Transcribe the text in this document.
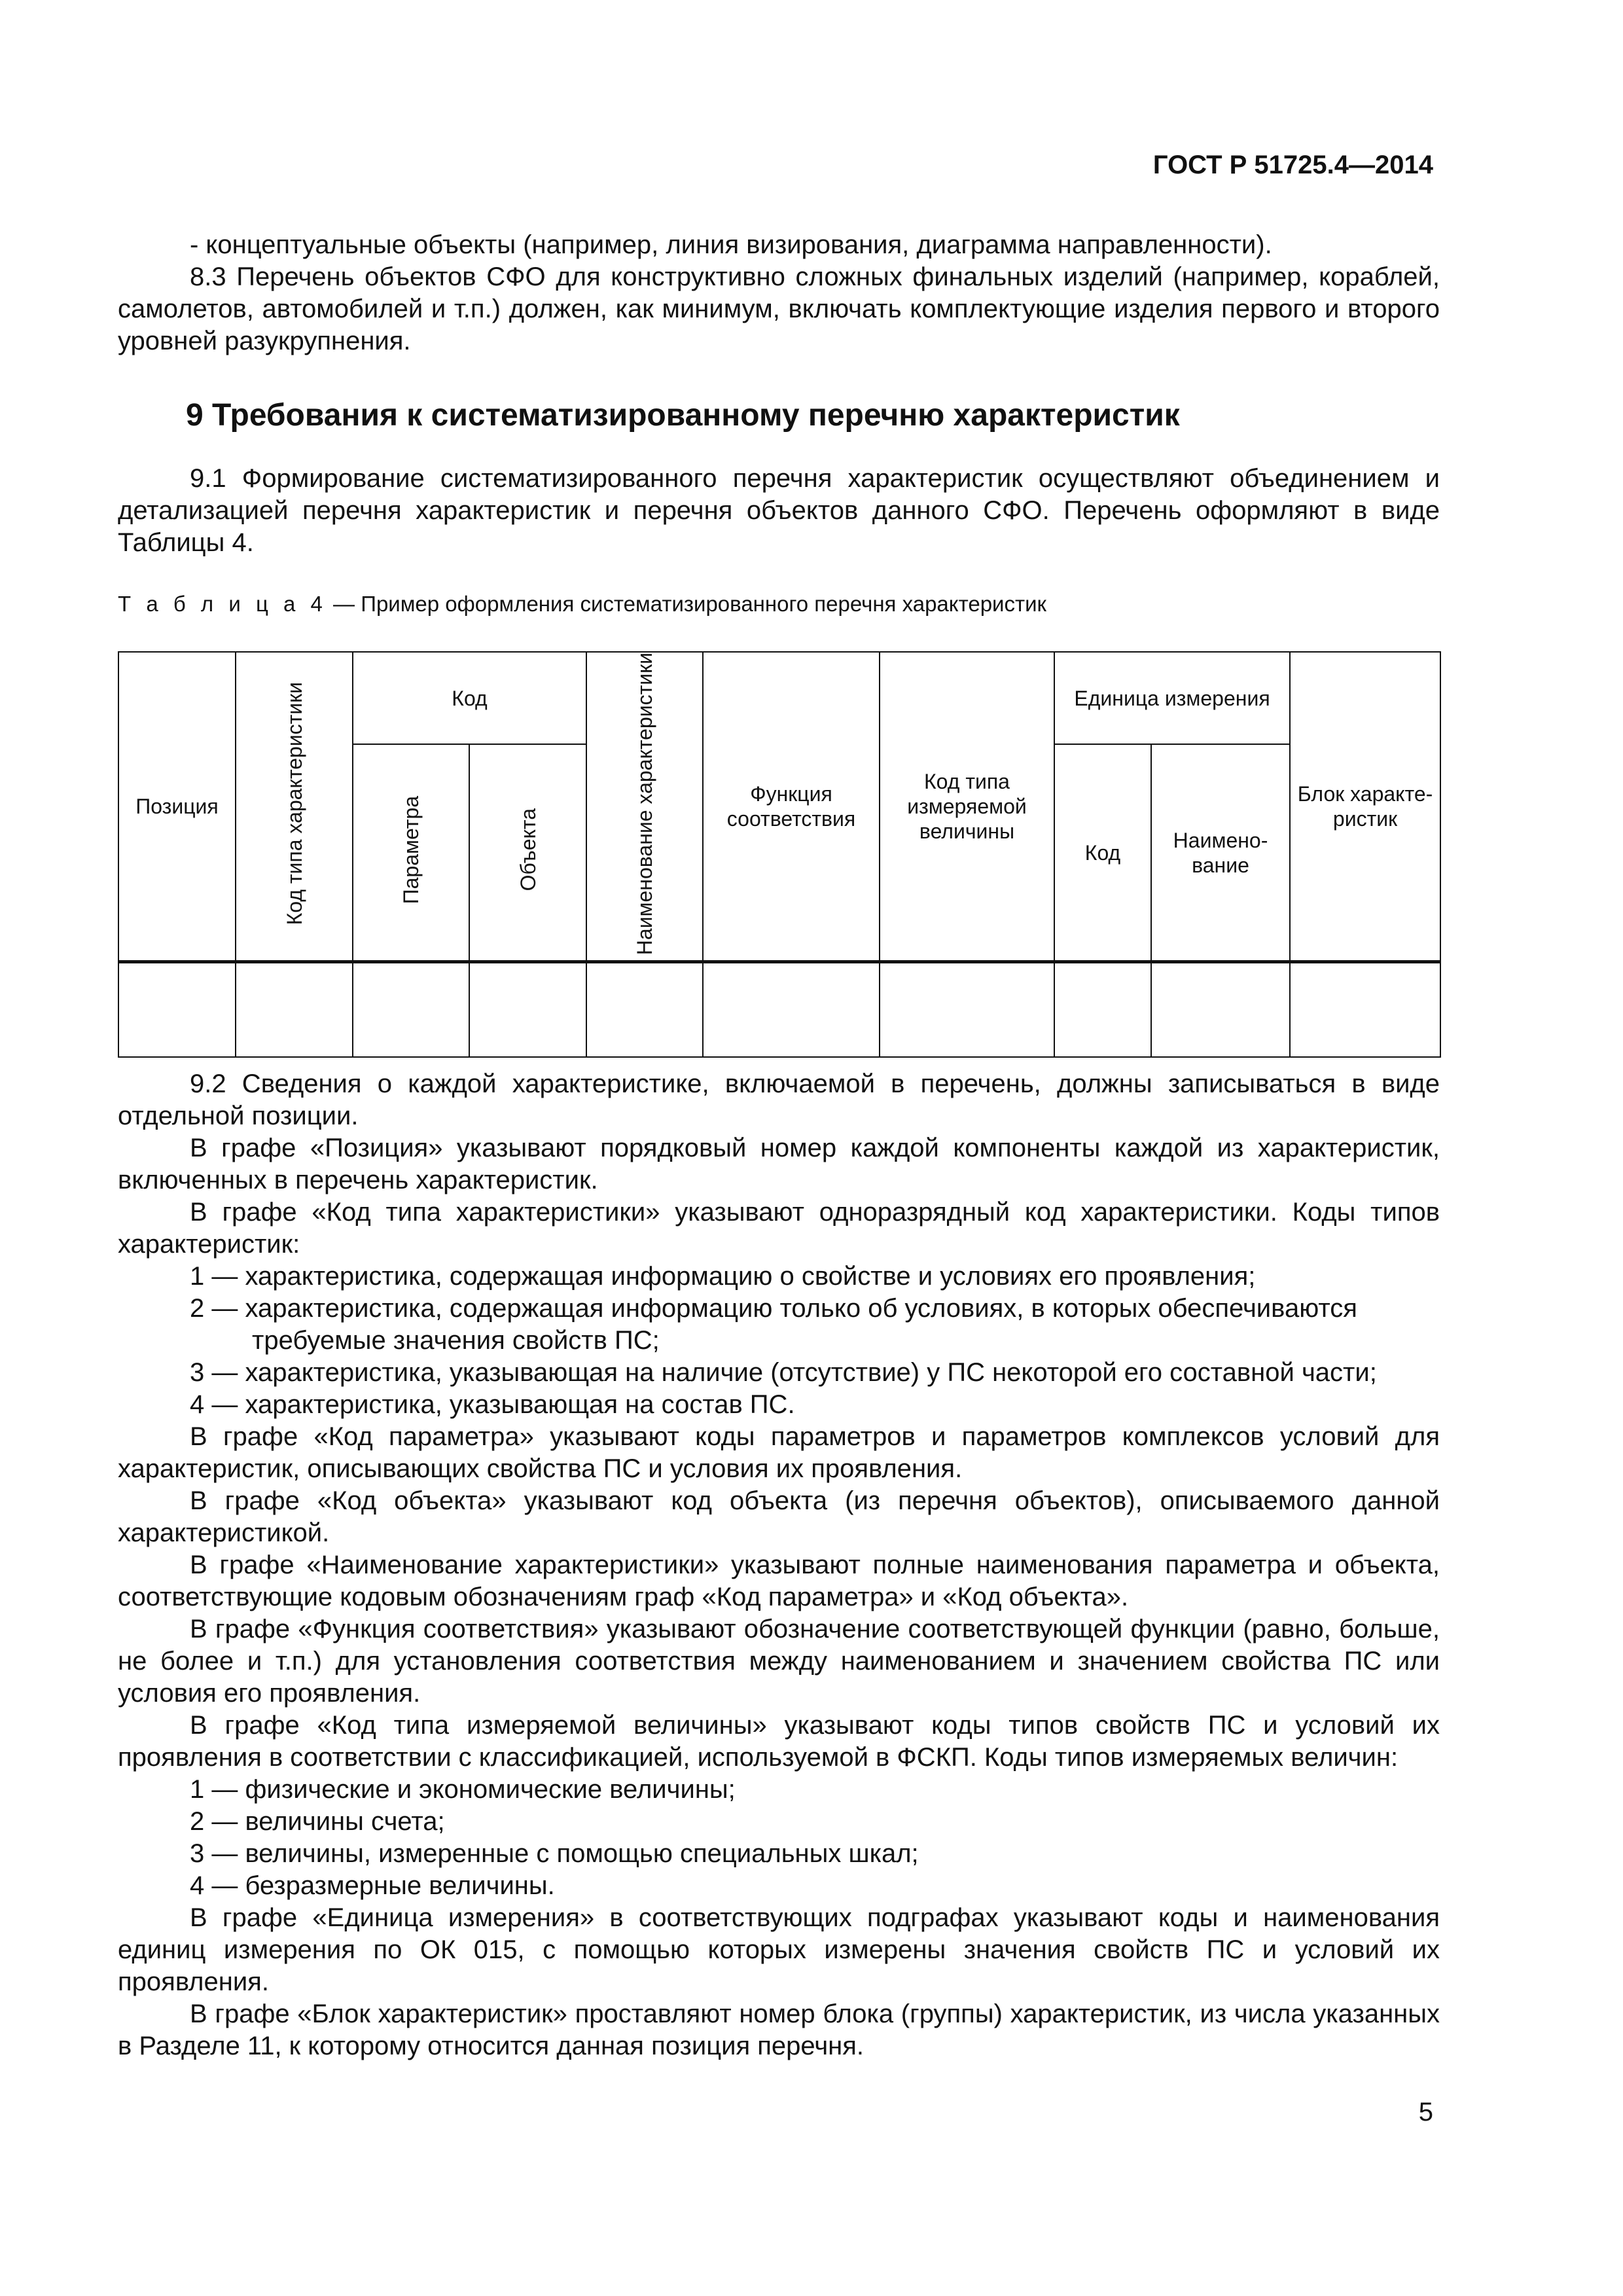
ГОСТ Р 51725.4—2014
- концептуальные объекты (например, линия визирования, диаграмма направленности).
8.3 Перечень объектов СФО для конструктивно сложных финальных изделий (например, кораблей, самолетов, автомобилей и т.п.) должен, как минимум, включать комплектующие изделия первого и второго уровней разукрупнения.
9 Требования к систематизированному перечню характеристик
9.1 Формирование систематизированного перечня характеристик осуществляют объединением и детализацией перечня характеристик и перечня объектов данного СФО. Перечень оформляют в виде Таблицы 4.
Т а б л и ц а 4 — Пример оформления систематизированного перечня характеристик
Позиция	Код типа характеристики	Код		Наименование характеристики	Функция соответствия	Код типа измеряемой величины	Единица измерения		Блок характе-ристик
		Параметра	Объекта				Код	Наимено-вание	

9.2 Сведения о каждой характеристике, включаемой в перечень, должны записываться в виде отдельной позиции.
В графе «Позиция» указывают порядковый номер каждой компоненты каждой из характеристик, включенных в перечень характеристик.
В графе «Код типа характеристики» указывают одноразрядный код характеристики. Коды типов характеристик:
1 — характеристика, содержащая информацию о свойстве и условиях его проявления;
2 — характеристика, содержащая информацию только об условиях, в которых обеспечиваются требуемые значения свойств ПС;
3 — характеристика, указывающая на наличие (отсутствие) у ПС некоторой его составной части;
4 — характеристика, указывающая на состав ПС.
В графе «Код параметра» указывают коды параметров и параметров комплексов условий для характеристик, описывающих свойства ПС и условия их проявления.
В графе «Код объекта» указывают код объекта (из перечня объектов), описываемого данной характеристикой.
В графе «Наименование характеристики» указывают полные наименования параметра и объекта, соответствующие кодовым обозначениям граф «Код параметра» и «Код объекта».
В графе «Функция соответствия» указывают обозначение соответствующей функции (равно, больше, не более и т.п.) для установления соответствия между наименованием и значением свойства ПС или условия его проявления.
В графе «Код типа измеряемой величины» указывают коды типов свойств ПС и условий их проявления в соответствии с классификацией, используемой в ФСКП. Коды типов измеряемых величин:
1 — физические и экономические величины;
2 — величины счета;
3 — величины, измеренные с помощью специальных шкал;
4 — безразмерные величины.
В графе «Единица измерения» в соответствующих подграфах указывают коды и наименования единиц измерения по ОК 015, с помощью которых измерены значения свойств ПС и условий их проявления.
В графе «Блок характеристик» проставляют номер блока (группы) характеристик, из числа указанных в Разделе 11, к которому относится данная позиция перечня.
5
